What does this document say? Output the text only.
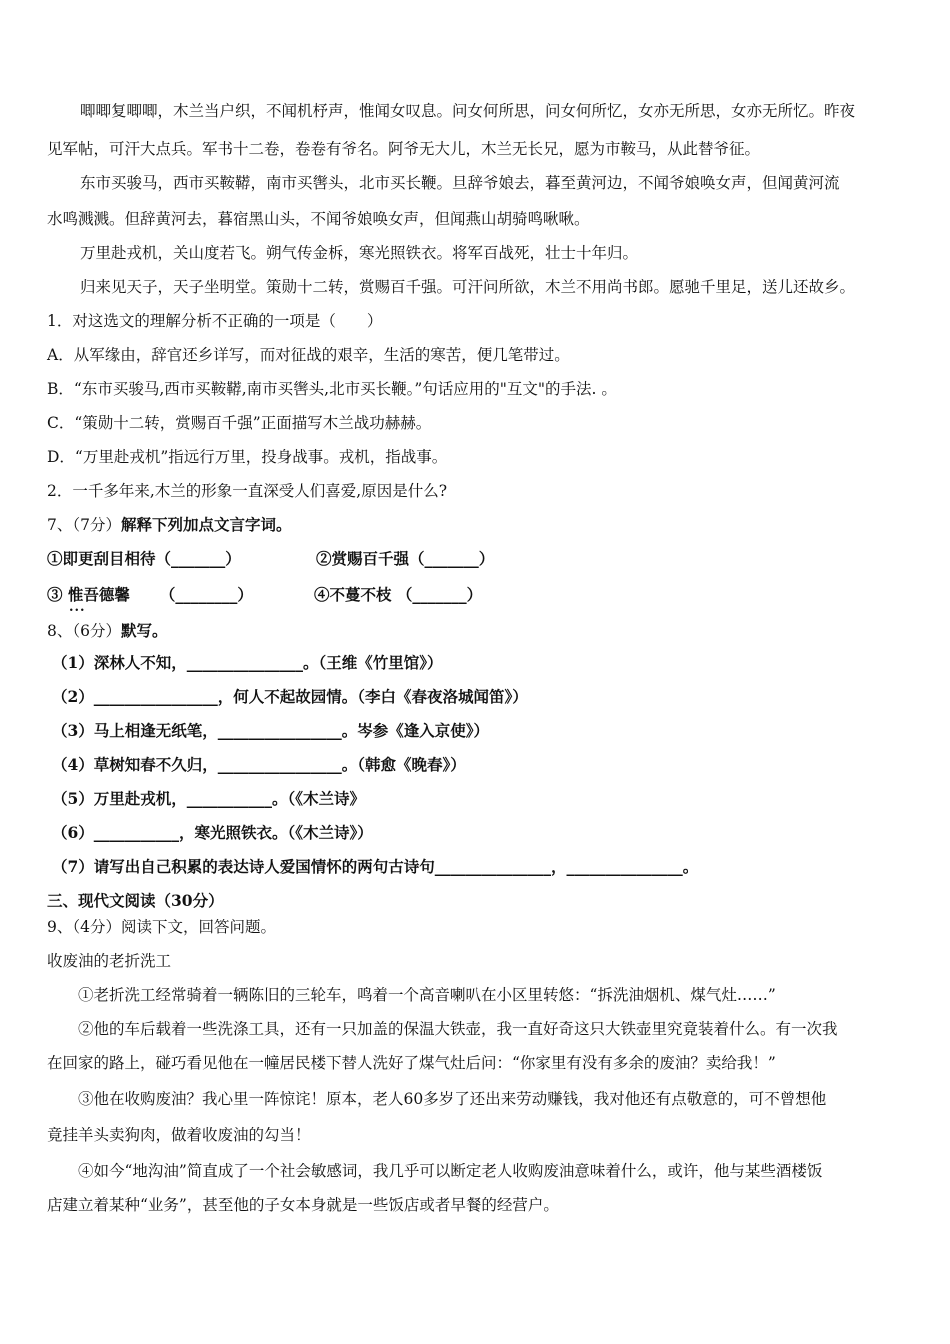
唧唧复唧唧，木兰当户织，不闻机杼声，惟闻女叹息。问女何所思，问女何所忆，女亦无所思，女亦无所忆。昨夜
见军帖，可汗大点兵。军书十二卷，卷卷有爷名。阿爷无大儿，木兰无长兄，愿为市鞍马，从此替爷征。
东市买骏马，西市买鞍鞯，南市买辔头，北市买长鞭。旦辞爷娘去，暮至黄河边，不闻爷娘唤女声，但闻黄河流
水鸣溅溅。但辞黄河去，暮宿黑山头，不闻爷娘唤女声，但闻燕山胡骑鸣啾啾。
万里赴戎机，关山度若飞。朔气传金柝，寒光照铁衣。将军百战死，壮士十年归。
归来见天子，天子坐明堂。策勋十二转，赏赐百千强。可汗问所欲，木兰不用尚书郎。愿驰千里足，送儿还故乡。
1．对这选文的理解分析不正确的一项是（　　）
A．从军缘由，辞官还乡详写，而对征战的艰辛，生活的寒苦，便几笔带过。
B．“东市买骏马,西市买鞍鞯,南市买辔头,北市买长鞭。”句话应用的"互文"的手法. 。
C．“策勋十二转，赏赐百千强”正面描写木兰战功赫赫。
D．“万里赴戎机”指远行万里，投身战事。戎机，指战事。
2．一千多年来,木兰的形象一直深受人们喜爱,原因是什么?
7、（7分）解释下列加点文言字词。
①即更刮目相待（_______）	②赏赐百千强（_______）
③ 惟吾德馨 ... （________）	④不蔓不枝 （_______）
8、（6分）默写。
（1）深林人不知，_______________。（王维《竹里馆》）
（2）________________，何人不起故园情。（李白《春夜洛城闻笛》）
（3）马上相逢无纸笔，________________。岑参《逢入京使》）
（4）草树知春不久归，________________。（韩愈《晚春》）
（5）万里赴戎机，___________。（《木兰诗》
（6）___________，寒光照铁衣。（《木兰诗》）
（7）请写出自己积累的表达诗人爱国情怀的两句古诗句_______________，_______________。
三、现代文阅读（30分）
9、（4分）阅读下文，回答问题。
收废油的老折洗工
①老折洗工经常骑着一辆陈旧的三轮车，鸣着一个高音喇叭在小区里转悠：“拆洗油烟机、煤气灶……”
②他的车后载着一些洗涤工具，还有一只加盖的保温大铁壶，我一直好奇这只大铁壶里究竟装着什么。有一次我
在回家的路上，碰巧看见他在一幢居民楼下替人洗好了煤气灶后问：“你家里有没有多余的废油？卖给我！”
③他在收购废油？我心里一阵惊诧！原本，老人60多岁了还出来劳动赚钱，我对他还有点敬意的，可不曾想他
竟挂羊头卖狗肉，做着收废油的勾当！
④如今“地沟油”简直成了一个社会敏感词，我几乎可以断定老人收购废油意味着什么，或许，他与某些酒楼饭
店建立着某种“业务”，甚至他的子女本身就是一些饭店或者早餐的经营户。
